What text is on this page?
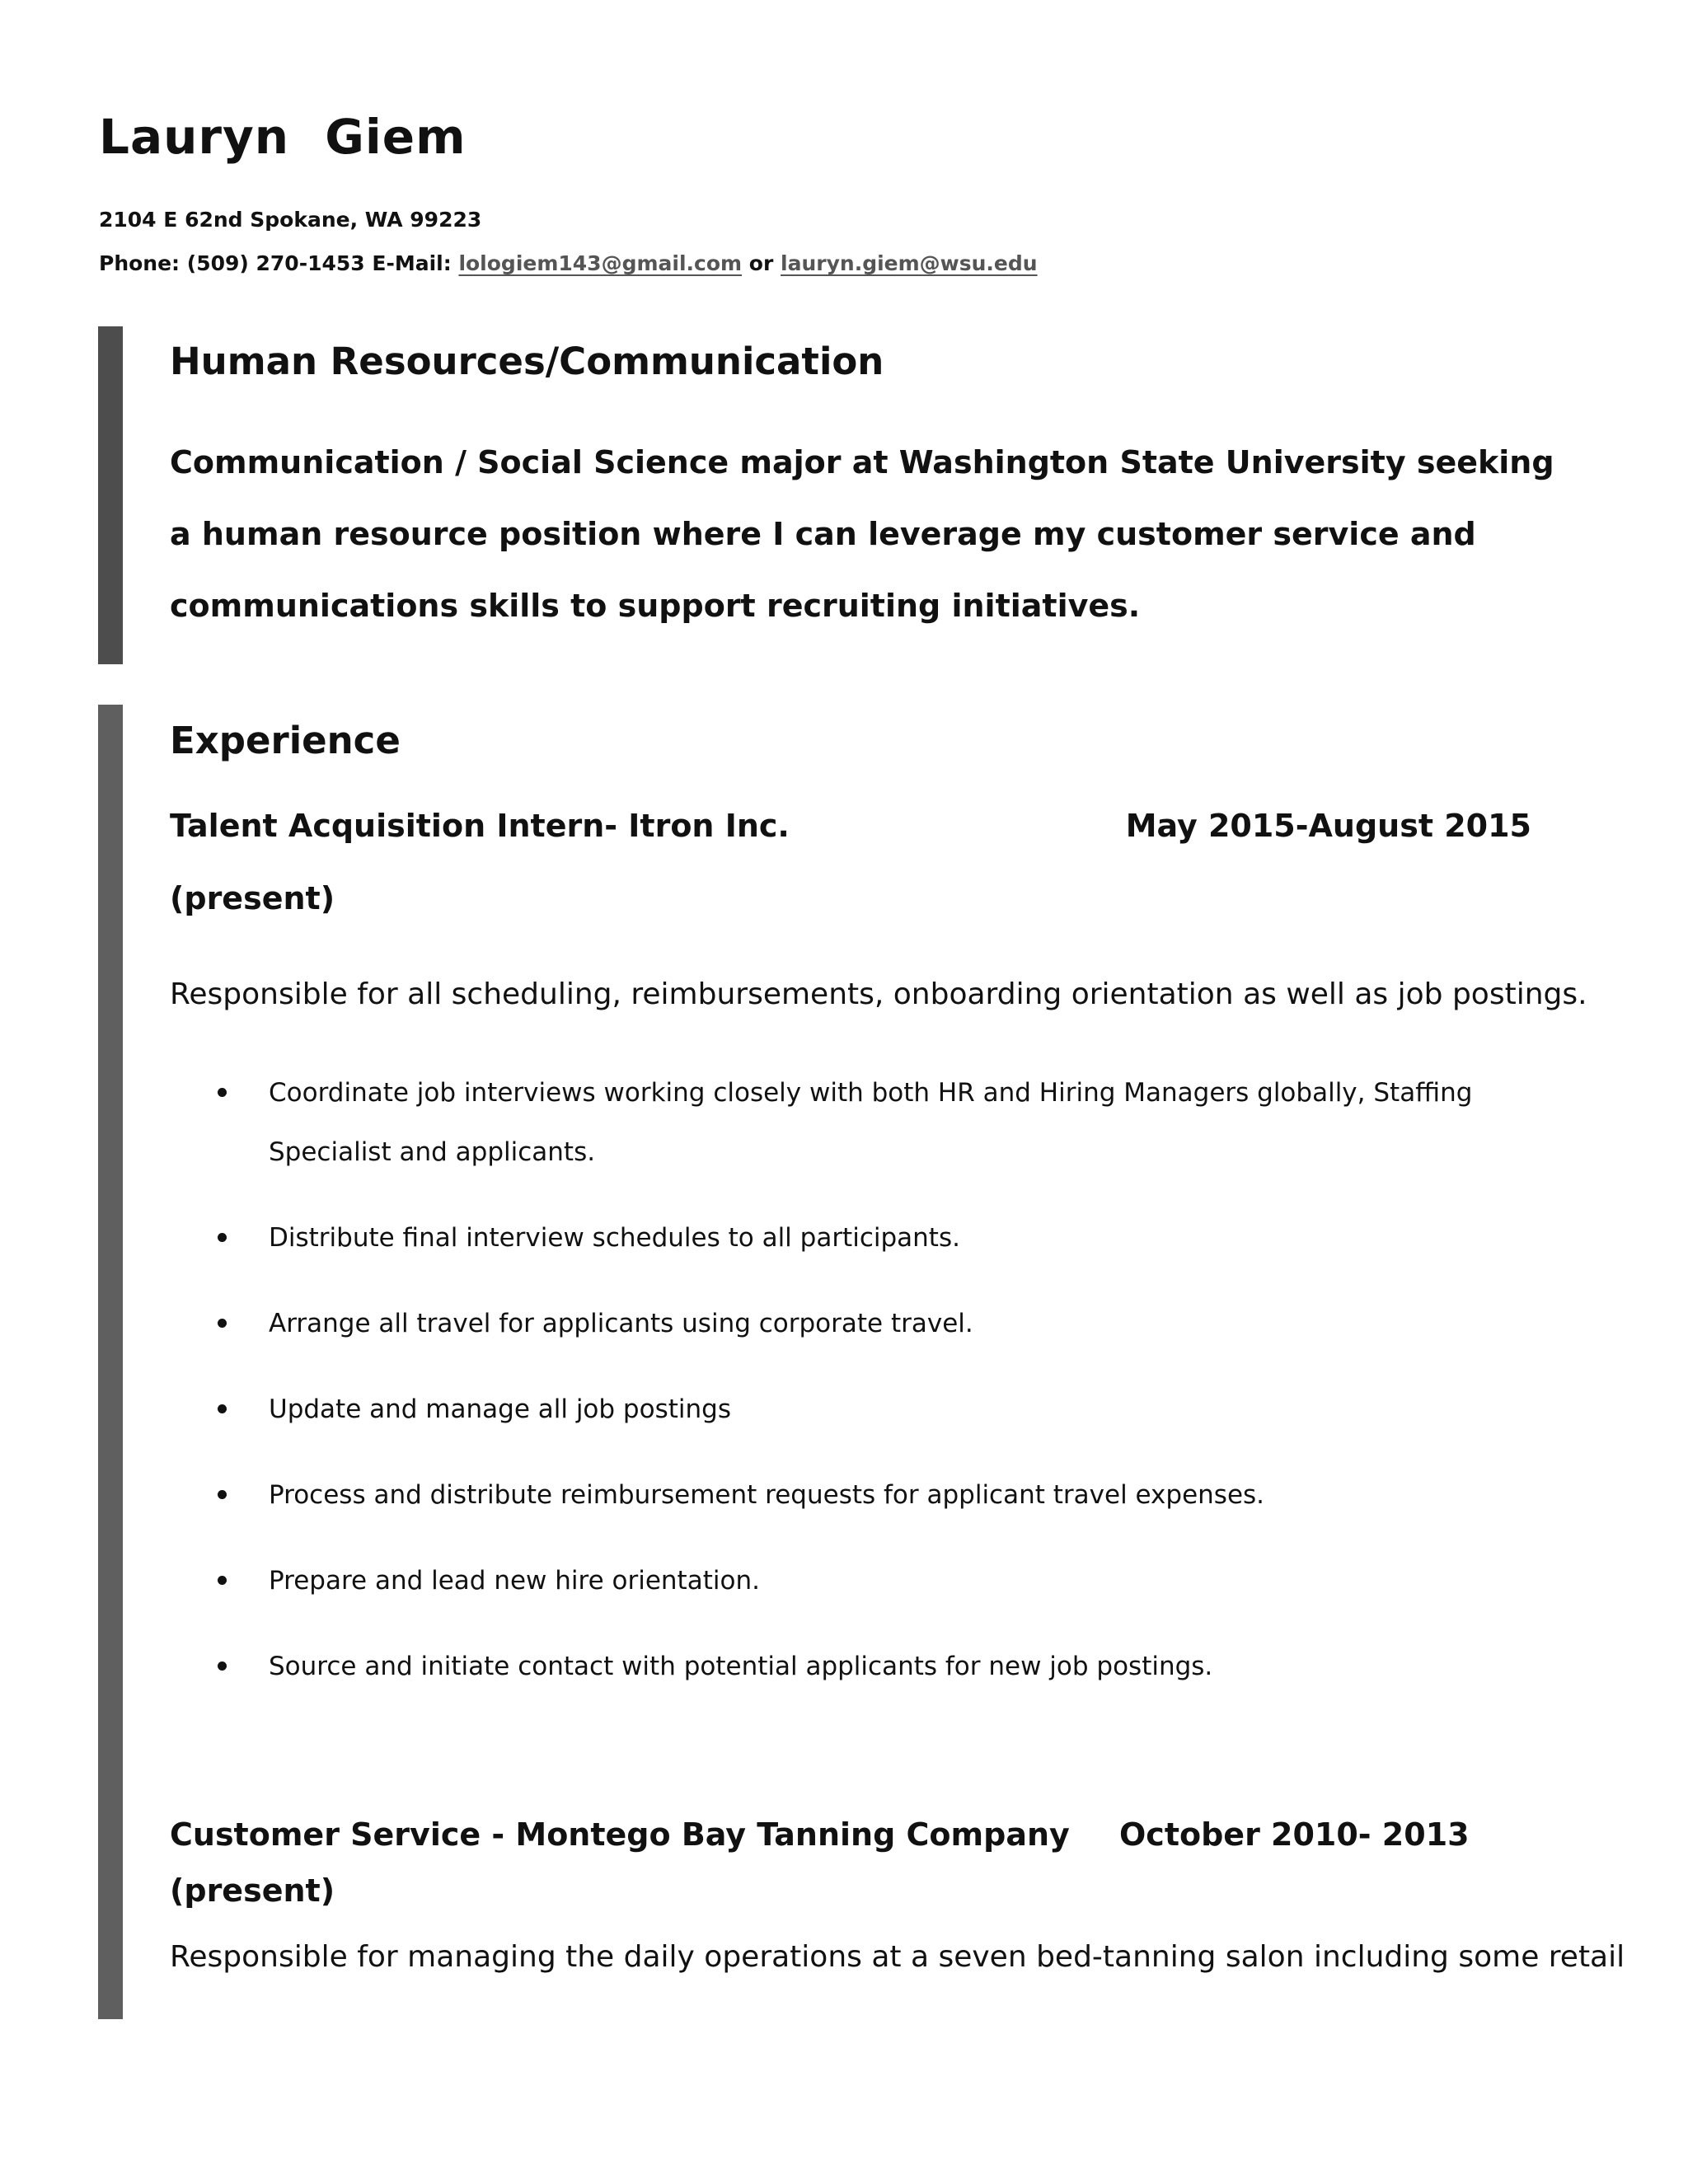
Lauryn Giem
2104 E 62nd Spokane, WA 99223
Phone: (509) 270-1453 E-Mail: lologiem143@gmail.com or lauryn.giem@wsu.edu
Human Resources/Communication

Communication / Social Science major at Washington State University seeking a human resource position where I can leverage my customer service and communications skills to support recruiting initiatives.

Experience
Talent Acquisition Intern- Itron Inc.	May 2015-August 2015
(present)
Responsible for all scheduling, reimbursements, onboarding orientation as well as job postings.
Coordinate job interviews working closely with both HR and Hiring Managers globally, Staffing Specialist and applicants.
Distribute final interview schedules to all participants.
Arrange all travel for applicants using corporate travel.
Update and manage all job postings
Process and distribute reimbursement requests for applicant travel expenses.
Prepare and lead new hire orientation.
Source and initiate contact with potential applicants for new job postings.
Customer Service - Montego Bay Tanning Company October 2010- 2013
(present)
Responsible for managing the daily operations at a seven bed-tanning salon including some retail
